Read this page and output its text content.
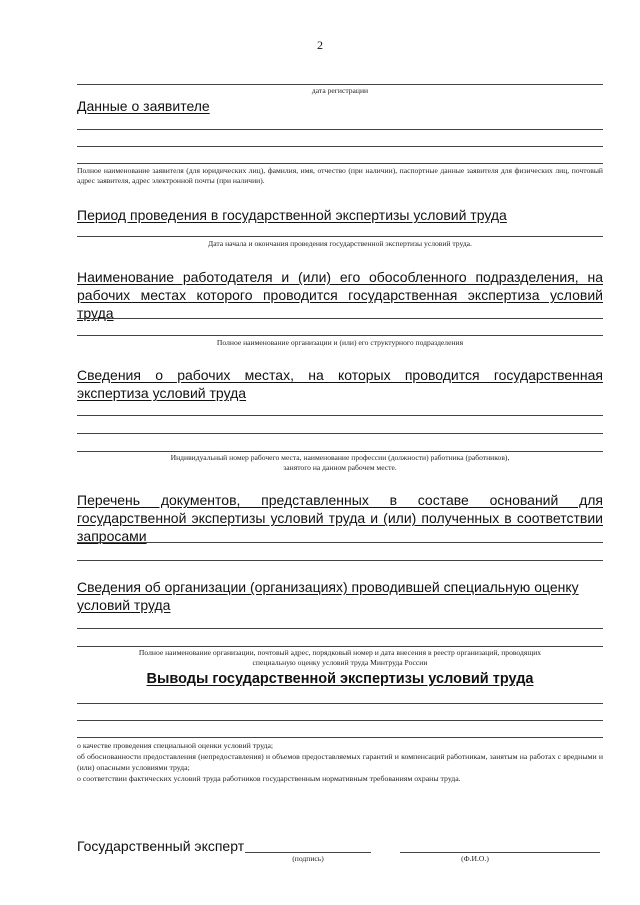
2
дата регистрации
Данные о заявителе
Полное наименование заявителя (для юридических лиц), фамилия, имя, отчество (при наличии), паспортные данные заявителя для физических лиц, почтовый адрес заявителя, адрес электронной почты (при наличии).
Период проведения в государственной экспертизы условий труда
Дата начала и окончания проведения государственной экспертизы условий труда.
Наименование работодателя и (или) его обособленного подразделения, на рабочих местах которого проводится государственная экспертиза условий труда
Полное наименование организации и (или) его структурного подразделения
Сведения о рабочих местах, на которых проводится государственная экспертиза условий труда
Индивидуальный номер рабочего места, наименование профессии (должности) работника (работников),
занятого на данном рабочем месте.
Перечень документов, представленных в составе оснований для государственной экспертизы условий труда и (или) полученных в соответствии запросами
Сведения об организации (организациях) проводившей специальную оценку условий труда
Полное наименование организации, почтовый адрес, порядковый номер и дата внесения в реестр организаций, проводящих
специальную оценку условий труда Минтруда России
Выводы государственной экспертизы условий труда
о качестве проведения специальной оценки условий труда;
об обоснованности предоставления (непредоставления) и объемов предоставляемых гарантий и компенсаций работникам, занятым на работах с вредными и (или) опасными условиями труда;
о соответствии фактических условий труда работников государственным нормативным требованиям охраны труда.
Государственный эксперт
(подпись)	(Ф.И.О.)
